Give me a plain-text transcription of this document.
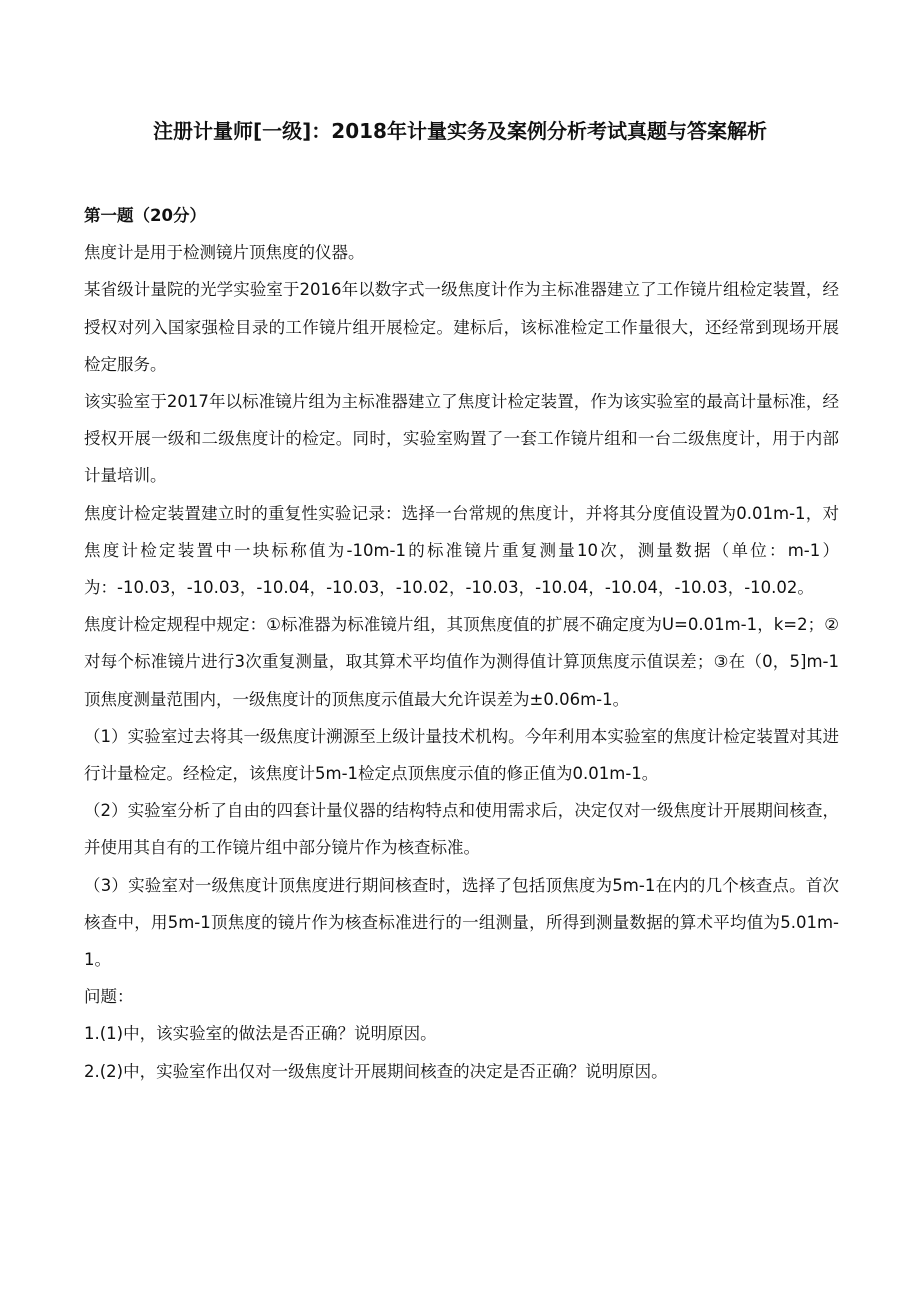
注册计量师[一级]：2018年计量实务及案例分析考试真题与答案解析

第一题（20分）

焦度计是用于检测镜片顶焦度的仪器。

某省级计量院的光学实验室于2016年以数字式一级焦度计作为主标准器建立了工作镜片组检定装置，经授权对列入国家强检目录的工作镜片组开展检定。建标后，该标准检定工作量很大，还经常到现场开展检定服务。

该实验室于2017年以标准镜片组为主标准器建立了焦度计检定装置，作为该实验室的最高计量标准，经授权开展一级和二级焦度计的检定。同时，实验室购置了一套工作镜片组和一台二级焦度计，用于内部计量培训。

焦度计检定装置建立时的重复性实验记录：选择一台常规的焦度计，并将其分度值设置为0.01m-1，对焦度计检定装置中一块标称值为-10m-1的标准镜片重复测量10次，测量数据（单位：m-1）为：-10.03，-10.03，-10.04，-10.03，-10.02，-10.03，-10.04，-10.04，-10.03，-10.02。

焦度计检定规程中规定：①标准器为标准镜片组，其顶焦度值的扩展不确定度为U=0.01m-1，k=2；②对每个标准镜片进行3次重复测量，取其算术平均值作为测得值计算顶焦度示值误差；③在（0，5]m-1顶焦度测量范围内，一级焦度计的顶焦度示值最大允许误差为±0.06m-1。

（1）实验室过去将其一级焦度计溯源至上级计量技术机构。今年利用本实验室的焦度计检定装置对其进行计量检定。经检定，该焦度计5m-1检定点顶焦度示值的修正值为0.01m-1。

（2）实验室分析了自由的四套计量仪器的结构特点和使用需求后，决定仅对一级焦度计开展期间核查，并使用其自有的工作镜片组中部分镜片作为核查标准。

（3）实验室对一级焦度计顶焦度进行期间核查时，选择了包括顶焦度为5m-1在内的几个核查点。首次核查中，用5m-1顶焦度的镜片作为核查标准进行的一组测量，所得到测量数据的算术平均值为5.01m-1。

问题：

1.(1)中，该实验室的做法是否正确？说明原因。

2.(2)中，实验室作出仅对一级焦度计开展期间核查的决定是否正确？说明原因。
